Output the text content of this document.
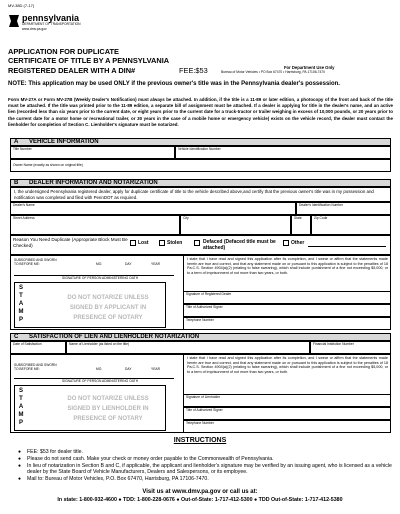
MV-38D (7-17)
pennsylvania
DEPARTMENT OF TRANSPORTATION
www.dmv.pa.gov
APPLICATION FOR DUPLICATE
CERTIFICATE OF TITLE BY A PENNSYLVANIA
REGISTERED DEALER WITH A DIN#	FEE:$53	For Department Use Only
Bureau of Motor Vehicles • PO Box 67470 • Harrisburg, PA 17106-7470
NOTE: This application may be used ONLY if the previous owner's title was in the Pennsylvania dealer's possession.
Form MV-27A or Form MV-27B (Weekly Dealer's Notification) must always be attached. In addition, if the title is a 11-89 or later edition, a photocopy of the front and back of the title must be attached. If the title was printed prior to the 11-89 edition, a separate bill of assignment must be attached. If a dealer is applying for title in the dealer's name, and an active lien (recorded less than six years prior to the current date, or eight years prior to the current date for a truck-tractor or trailer weighing in excess of 10,000 pounds, or 20 years prior to the current date for a motor home or recreational trailer, or 30 years in the case of a mobile home or emergency vehicle) exists on the vehicle record, the dealer must contact the lienholder for completion of Section C. Lienholder's signature must be notarized.
A VEHICLE INFORMATION
Title Number	Vehicle Identification Number
Owner Name (exactly as shown on original title)
B DEALER INFORMATION AND NOTARIZATION
I, the undersigned Pennsylvania registered dealer, apply for duplicate certificate of title to the vehicle described above,and certify that the previous owner's title was in my possession and notification was completed and filed with PennDOT as required.
Dealer's Name	Dealer's Identification Number
Street Address	City	State	Zip Code
Reason You Need Duplicate (Appropriate Block Must Be Checked)	Lost	Stolen	Defaced (Defaced title must be attached)
Other
SUBSCRIBED AND SWORN TO BEFORE ME:	MO.	DAY	YEAR
SIGNATURE OF PERSON ADMINISTERING OATH
S
T
A
M
P
DO NOT NOTARIZE UNLESS
SIGNED BY APPLICANT IN
PRESENCE OF NOTARY
I state that I have read and signed this application after its completion, and I swear or affirm that the statements made herein are true and correct, and that any statement made on or pursuant to this application is subject to the penalties of 18 Pa.C.S. Section 4904(a)(2) (relating to false swearing), which shall include punishment of a fine not exceeding $5,000, or to a term of imprisonment of not more than two years, or both.
Signature of Registered Dealer
Title of Authorized Signer
Telephone Number
C SATISFACTION OF LIEN AND LIENHOLDER NOTARIZATION
Date of Satisfaction	Name of Lienholder (as listed on the title)	Financial Institution Number
SUBSCRIBED AND SWORN TO BEFORE ME:	MO.	DAY	YEAR
SIGNATURE OF PERSON ADMINISTERING OATH
S
T
A
M
P
DO NOT NOTARIZE UNLESS
SIGNED BY LIENHOLDER IN
PRESENCE OF NOTARY
I state that I have read and signed this application after its completion, and I swear or affirm that the statements made herein are true and correct, and that any statement made on or pursuant to this application is subject to the penalties of 18 Pa.C.S. Section 4904(a)(2) (relating to false swearing), which shall include punishment of a fine not exceeding $5,000, or to a term of imprisonment of not more than two years, or both.
Signature of Lienholder
Title of Authorized Signer
Telephone Number
INSTRUCTIONS
● FEE: $53 for dealer title.
● Please do not send cash. Make your check or money order payable to the Commonwealth of Pennsylvania.
● In lieu of notarization in Section B and C, if applicable, the applicant and lienholder's signature may be verified by an issuing agent, who is licensed as a vehicle dealer by the State Board of Vehicle Manufacturers, Dealers and Salespersons, or its employee.
● Mail to: Bureau of Motor Vehicles, P.O. Box 67470, Harrisburg, PA 17106-7470.
Visit us at www.dmv.pa.gov or call us at:
In state: 1-800-932-4600 ● TDD: 1-800-228-0676 ● Out-of-State: 1-717-412-5300 ● TDD Out-of-State: 1-717-412-5380
